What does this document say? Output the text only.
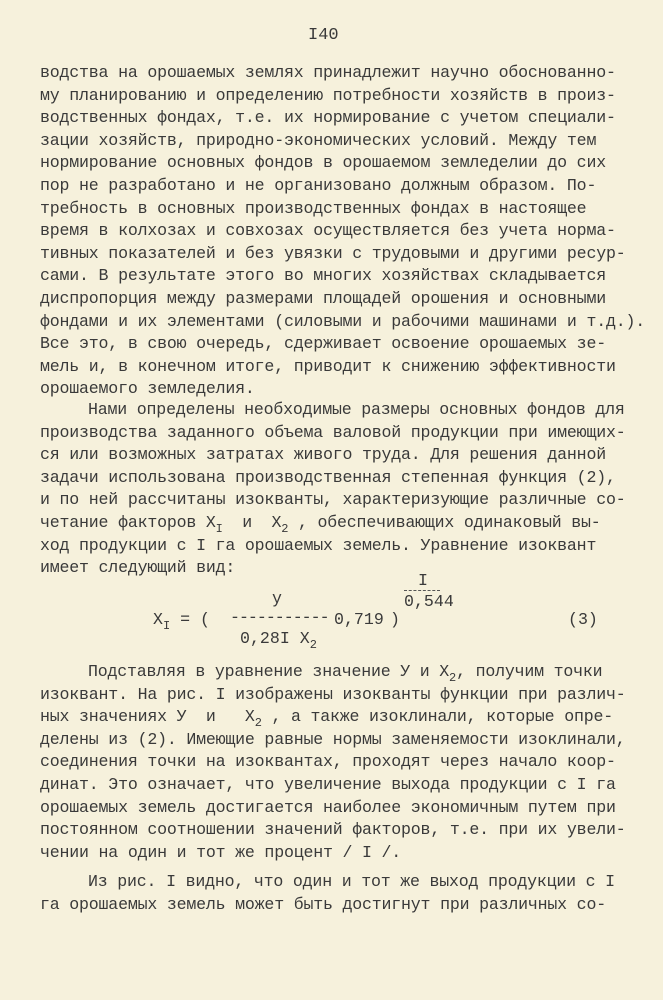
I40
водства на орошаемых землях принадлежит научно обоснованно-
му планированию и определению потребности хозяйств в произ-
водственных фондах, т.е. их нормирование с учетом специали-
зации хозяйств, природно-экономических условий. Между тем
нормирование основных фондов в орошаемом земледелии до сих
пор не разработано и не организовано должным образом. По-
требность в основных производственных фондах в настоящее
время в колхозах и совхозах осуществляется без учета норма-
тивных показателей и без увязки с трудовыми и другими ресур-
сами. В результате этого во многих хозяйствах складывается
диспропорция между размерами площадей орошения и основными
фондами и их элементами (силовыми и рабочими машинами и т.д.).
Все это, в свою очередь, сдерживает освоение орошаемых зе-
мель и, в конечном итоге, приводит к снижению эффективности
орошаемого земледелия.
Нами определены необходимые размеры основных фондов для
производства заданного объема валовой продукции при имеющих-
ся или возможных затратах живого труда. Для решения данной
задачи использована производственная степенная функция (2),
и по ней рассчитаны изокванты, характеризующие различные со-
четание факторов $X_I$  и  $X_2$ , обеспечивающих одинаковый вы-
ход продукции с I га орошаемых земель. Уравнение изоквант
имеет следующий вид:
$X_I$ = (
y
----------- 0,719
0,28I $X_2$
)
I
0,544
(3)
Подставляя в уравнение значение У и $X_2$, получим точки
изоквант. На рис. I изображены изокванты функции при различ-
ных значениях У  и   $X_2$ , а также изоклинали, которые опре-
делены из (2). Имеющие равные нормы заменяемости изоклинали,
соединения точки на изоквантах, проходят через начало коор-
динат. Это означает, что увеличение выхода продукции с I га
орошаемых земель достигается наиболее экономичным путем при
постоянном соотношении значений факторов, т.е. при их увели-
чении на один и тот же процент / I /.
Из рис. I видно, что один и тот же выход продукции с I
га орошаемых земель может быть достигнут при различных со-
